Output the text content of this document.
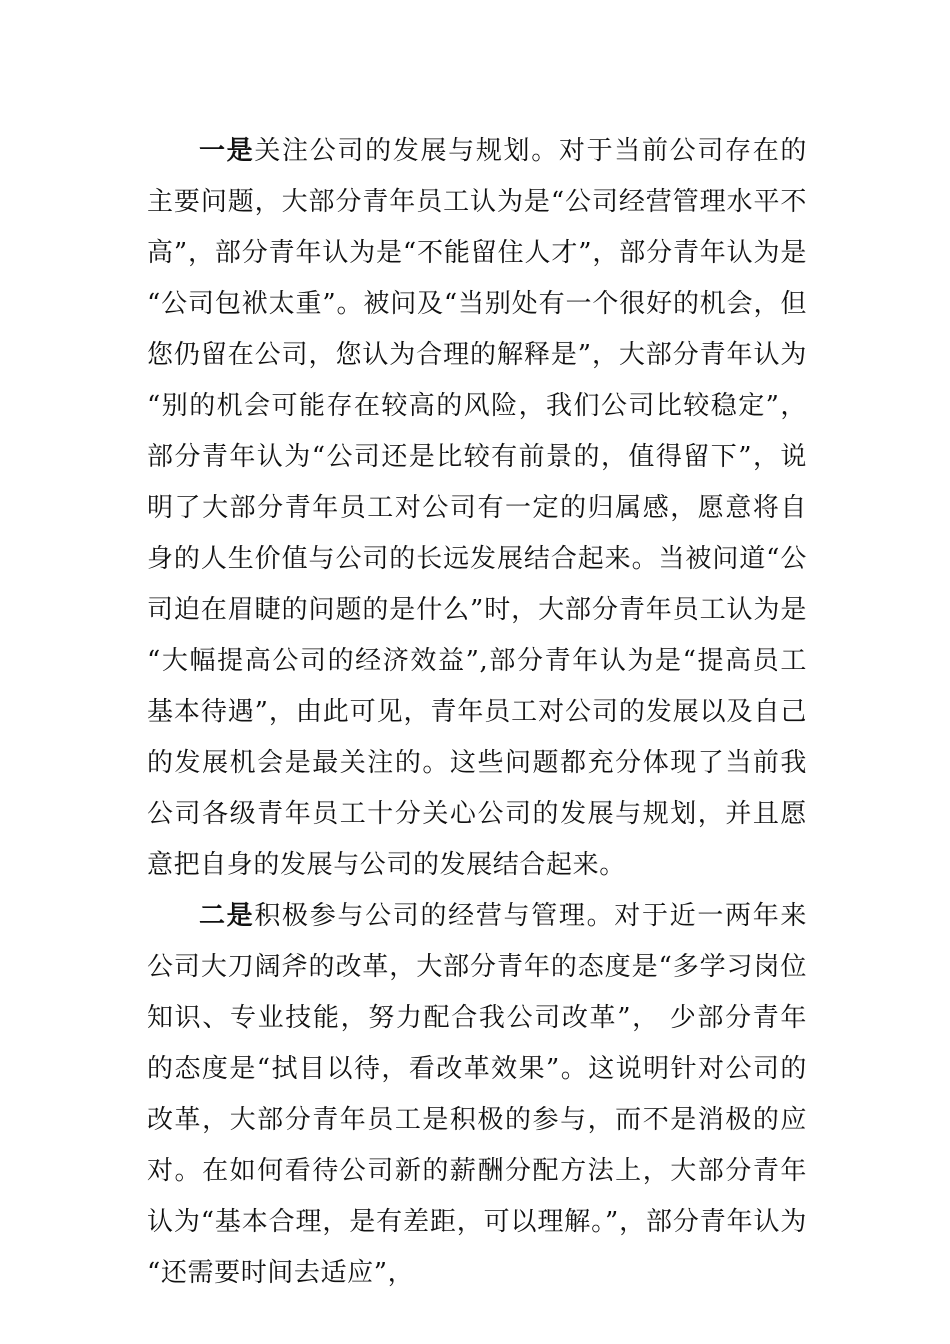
一是关注公司的发展与规划。对于当前公司存在的主要问题，大部分青年员工认为是“公司经营管理水平不高”，部分青年认为是“不能留住人才”，部分青年认为是“公司包袱太重”。被问及“当别处有一个很好的机会，但您仍留在公司，您认为合理的解释是”，大部分青年认为“别的机会可能存在较高的风险，我们公司比较稳定”，部分青年认为“公司还是比较有前景的，值得留下”，说明了大部分青年员工对公司有一定的归属感，愿意将自身的人生价值与公司的长远发展结合起来。当被问道“公司迫在眉睫的问题的是什么”时，大部分青年员工认为是“大幅提高公司的经济效益”,部分青年认为是“提高员工基本待遇”，由此可见，青年员工对公司的发展以及自己的发展机会是最关注的。这些问题都充分体现了当前我公司各级青年员工十分关心公司的发展与规划，并且愿意把自身的发展与公司的发展结合起来。

二是积极参与公司的经营与管理。对于近一两年来公司大刀阔斧的改革，大部分青年的态度是“多学习岗位知识、专业技能，努力配合我公司改革”， 少部分青年的态度是“拭目以待，看改革效果”。这说明针对公司的改革，大部分青年员工是积极的参与，而不是消极的应对。在如何看待公司新的薪酬分配方法上，大部分青年认为“基本合理，是有差距，可以理解。”，部分青年认为“还需要时间去适应”，
